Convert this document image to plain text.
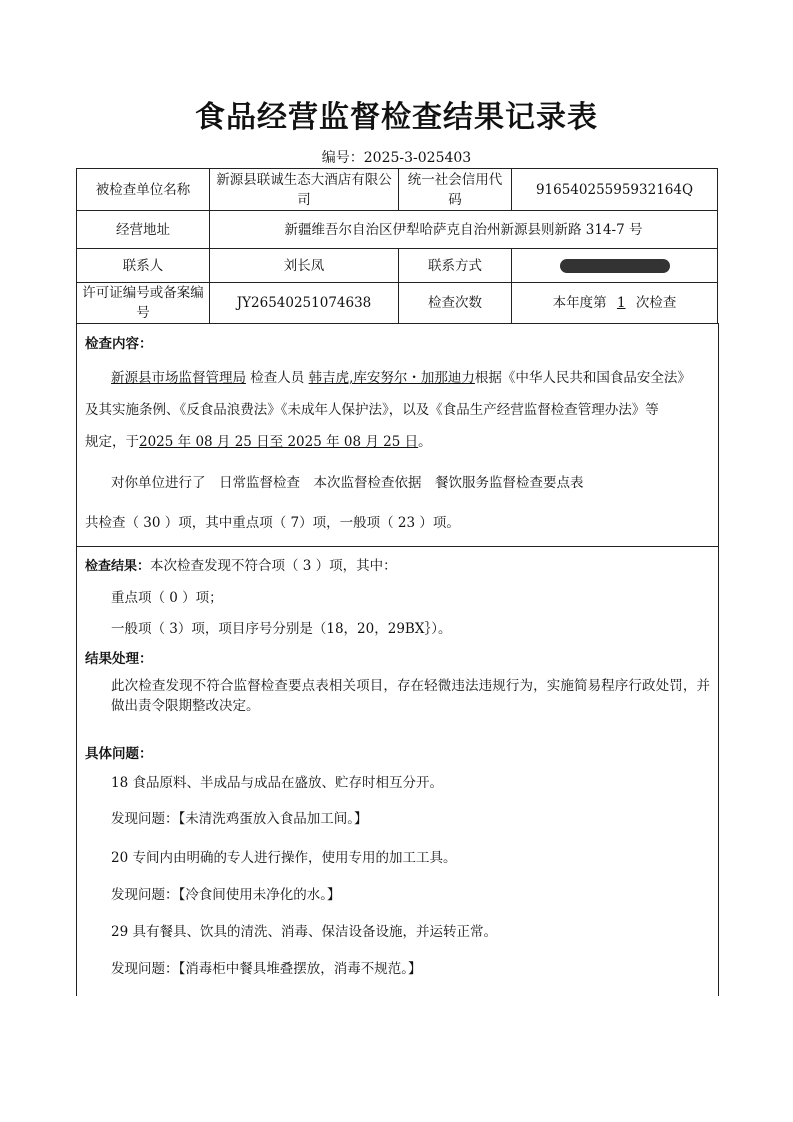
食品经营监督检查结果记录表
编号：2025-3-025403
被检查单位名称	新源县联诚生态大酒店有限公司	统一社会信用代码	91654025595932164Q
经营地址	新疆维吾尔自治区伊犁哈萨克自治州新源县则新路 314-7 号		
联系人	刘长凤	联系方式	
许可证编号或备案编号	JY26540251074638	检查次数	本年度第 1 次检查

检查内容：

新源县市场监督管理局 检查人员 韩吉虎,库安努尔・加那迪力根据《中华人民共和国食品安全法》

及其实施条例、《反食品浪费法》《未成年人保护法》，以及《食品生产经营监督检查管理办法》等

规定，于2025 年 08 月 25 日至 2025 年 08 月 25 日。

对你单位进行了　日常监督检查　本次监督检查依据　餐饮服务监督检查要点表

共检查（ 30 ）项，其中重点项（ 7）项，一般项（ 23 ）项。

检查结果：本次检查发现不符合项（ 3 ）项，其中：

重点项（ 0 ）项；

一般项（ 3）项，项目序号分别是（18，20，29BX｝）。

结果处理：

此次检查发现不符合监督检查要点表相关项目，存在轻微违法违规行为，实施简易程序行政处罚，并做出责令限期整改决定。

具体问题：

18 食品原料、半成品与成品在盛放、贮存时相互分开。

发现问题：【未清洗鸡蛋放入食品加工间。】

20 专间内由明确的专人进行操作，使用专用的加工工具。

发现问题：【冷食间使用未净化的水。】

29 具有餐具、饮具的清洗、消毒、保洁设备设施，并运转正常。

发现问题：【消毒柜中餐具堆叠摆放，消毒不规范。】
